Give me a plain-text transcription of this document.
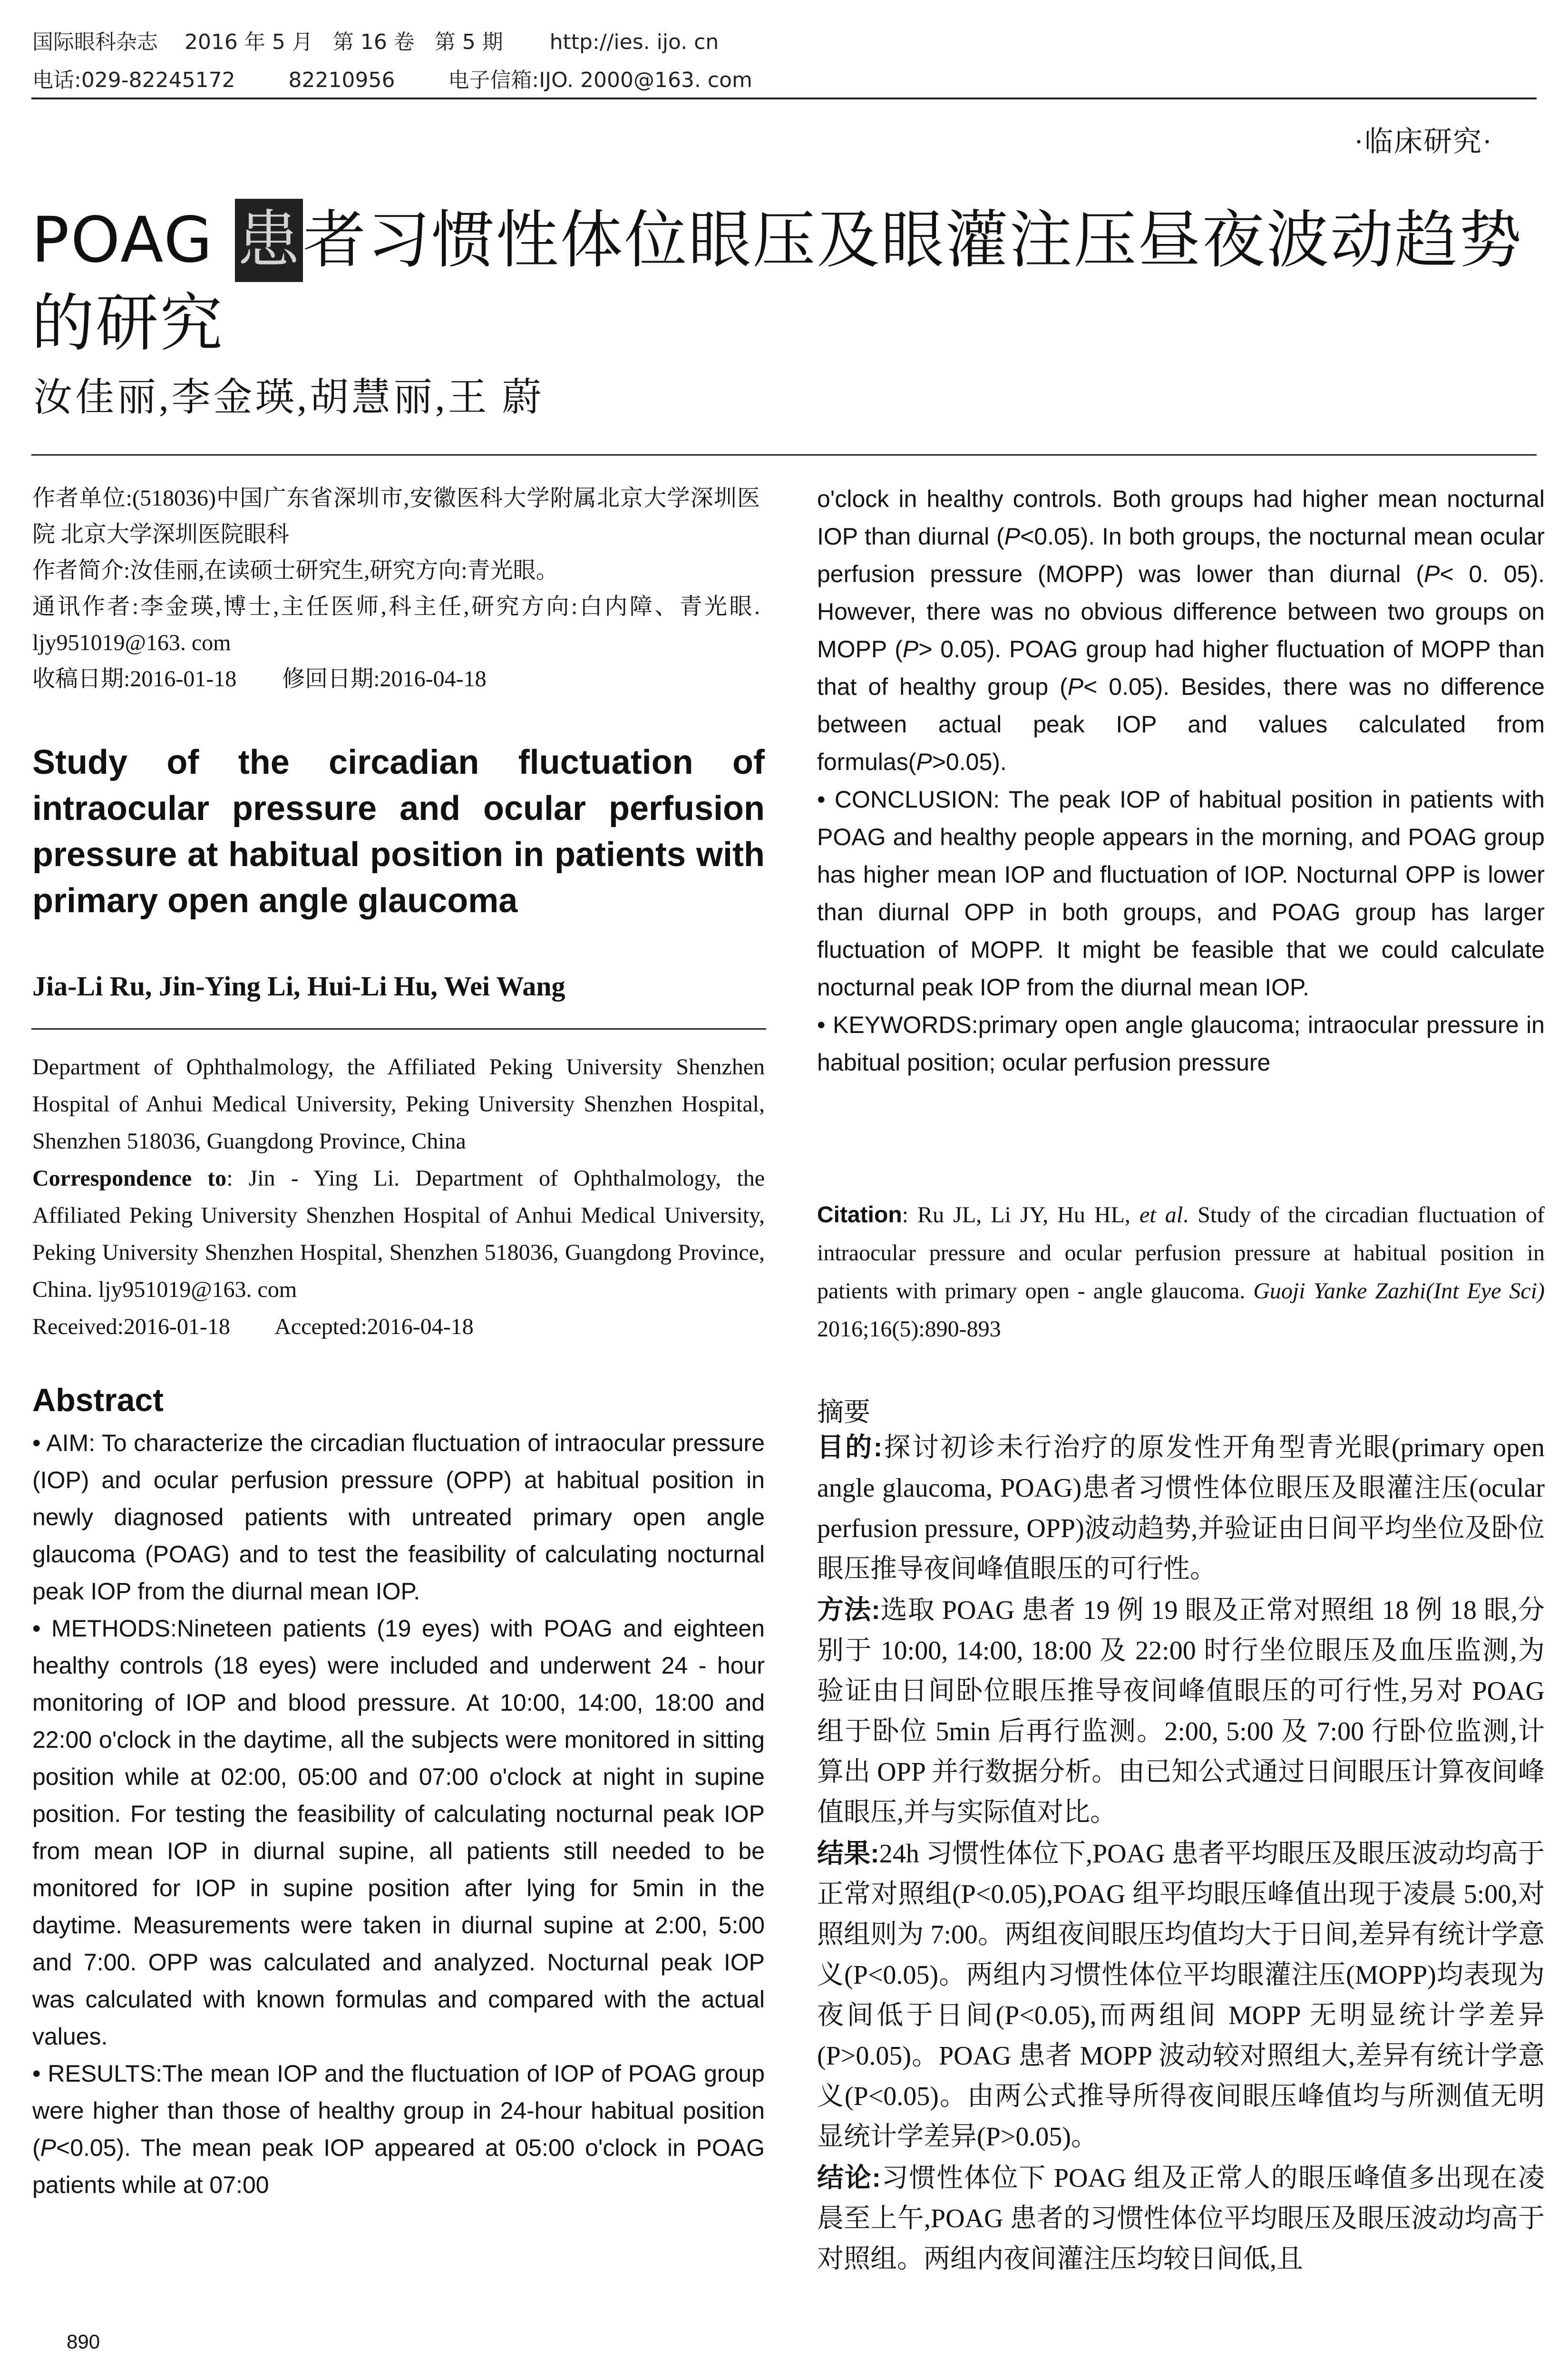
国际眼科杂志    2016 年 5 月   第 16 卷   第 5 期       http://ies. ijo. cn
电话:029-82245172        82210956        电子信箱:IJO. 2000@163. com
·临床研究·
POAG 患者习惯性体位眼压及眼灌注压昼夜波动趋势的研究
汝佳丽,李金瑛,胡慧丽,王 蔚

作者单位:(518036)中国广东省深圳市,安徽医科大学附属北京大学深圳医院 北京大学深圳医院眼科

作者简介:汝佳丽,在读硕士研究生,研究方向:青光眼。

通讯作者:李金瑛,博士,主任医师,科主任,研究方向:白内障、青光眼. ljy951019@163. com

收稿日期:2016-01-18        修回日期:2016-04-18

Study of the circadian fluctuation of intraocular pressure and ocular perfusion pressure at habitual position in patients with primary open angle glaucoma
Jia-Li Ru, Jin-Ying Li, Hui-Li Hu, Wei Wang

Department of Ophthalmology, the Affiliated Peking University Shenzhen Hospital of Anhui Medical University, Peking University Shenzhen Hospital, Shenzhen 518036, Guangdong Province, China

Correspondence to: Jin - Ying Li. Department of Ophthalmology, the Affiliated Peking University Shenzhen Hospital of Anhui Medical University, Peking University Shenzhen Hospital, Shenzhen 518036, Guangdong Province, China. ljy951019@163. com

Received:2016-01-18        Accepted:2016-04-18

Abstract

• AIM: To characterize the circadian fluctuation of intraocular pressure (IOP) and ocular perfusion pressure (OPP) at habitual position in newly diagnosed patients with untreated primary open angle glaucoma (POAG) and to test the feasibility of calculating nocturnal peak IOP from the diurnal mean IOP.

• METHODS:Nineteen patients (19 eyes) with POAG and eighteen healthy controls (18 eyes) were included and underwent 24 - hour monitoring of IOP and blood pressure. At 10:00, 14:00, 18:00 and 22:00 o'clock in the daytime, all the subjects were monitored in sitting position while at 02:00, 05:00 and 07:00 o'clock at night in supine position. For testing the feasibility of calculating nocturnal peak IOP from mean IOP in diurnal supine, all patients still needed to be monitored for IOP in supine position after lying for 5min in the daytime. Measurements were taken in diurnal supine at 2:00, 5:00 and 7:00. OPP was calculated and analyzed. Nocturnal peak IOP was calculated with known formulas and compared with the actual values.

• RESULTS:The mean IOP and the fluctuation of IOP of POAG group were higher than those of healthy group in 24-hour habitual position (P<0.05). The mean peak IOP appeared at 05:00 o'clock in POAG patients while at 07:00

o'clock in healthy controls. Both groups had higher mean nocturnal IOP than diurnal (P<0.05). In both groups, the nocturnal mean ocular perfusion pressure (MOPP) was lower than diurnal (P< 0. 05). However, there was no obvious difference between two groups on MOPP (P> 0.05). POAG group had higher fluctuation of MOPP than that of healthy group (P< 0.05). Besides, there was no difference between actual peak IOP and values calculated from formulas(P>0.05).

• CONCLUSION: The peak IOP of habitual position in patients with POAG and healthy people appears in the morning, and POAG group has higher mean IOP and fluctuation of IOP. Nocturnal OPP is lower than diurnal OPP in both groups, and POAG group has larger fluctuation of MOPP. It might be feasible that we could calculate nocturnal peak IOP from the diurnal mean IOP.

• KEYWORDS:primary open angle glaucoma; intraocular pressure in habitual position; ocular perfusion pressure

Citation: Ru JL, Li JY, Hu HL, et al. Study of the circadian fluctuation of intraocular pressure and ocular perfusion pressure at habitual position in patients with primary open - angle glaucoma. Guoji Yanke Zazhi(Int Eye Sci) 2016;16(5):890-893
摘要

目的:探讨初诊未行治疗的原发性开角型青光眼(primary open angle glaucoma, POAG)患者习惯性体位眼压及眼灌注压(ocular perfusion pressure, OPP)波动趋势,并验证由日间平均坐位及卧位眼压推导夜间峰值眼压的可行性。

方法:选取 POAG 患者 19 例 19 眼及正常对照组 18 例 18 眼,分别于 10:00, 14:00, 18:00 及 22:00 时行坐位眼压及血压监测,为验证由日间卧位眼压推导夜间峰值眼压的可行性,另对 POAG 组于卧位 5min 后再行监测。2:00, 5:00 及 7:00 行卧位监测,计算出 OPP 并行数据分析。由已知公式通过日间眼压计算夜间峰值眼压,并与实际值对比。

结果:24h 习惯性体位下,POAG 患者平均眼压及眼压波动均高于正常对照组(P<0.05),POAG 组平均眼压峰值出现于凌晨 5:00,对照组则为 7:00。两组夜间眼压均值均大于日间,差异有统计学意义(P<0.05)。两组内习惯性体位平均眼灌注压(MOPP)均表现为夜间低于日间(P<0.05),而两组间 MOPP 无明显统计学差异(P>0.05)。POAG 患者 MOPP 波动较对照组大,差异有统计学意义(P<0.05)。由两公式推导所得夜间眼压峰值均与所测值无明显统计学差异(P>0.05)。

结论:习惯性体位下 POAG 组及正常人的眼压峰值多出现在凌晨至上午,POAG 患者的习惯性体位平均眼压及眼压波动均高于对照组。两组内夜间灌注压均较日间低,且

890
